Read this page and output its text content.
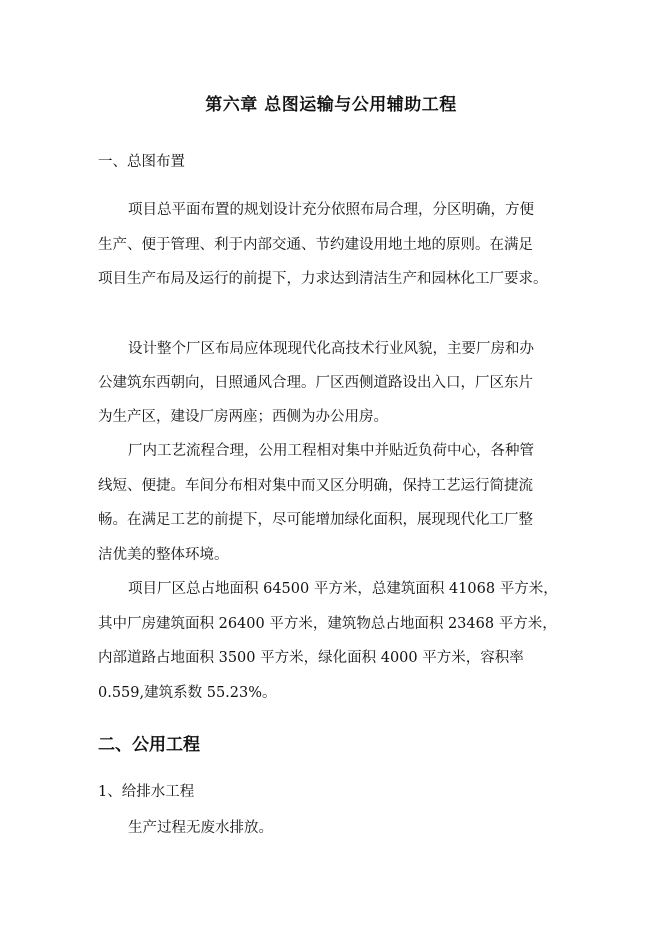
第六章 总图运输与公用辅助工程
一、总图布置
项目总平面布置的规划设计充分依照布局合理，分区明确，方便
生产、便于管理、利于内部交通、节约建设用地土地的原则。在满足
项目生产布局及运行的前提下，力求达到清洁生产和园林化工厂要求。
设计整个厂区布局应体现现代化高技术行业风貌，主要厂房和办
公建筑东西朝向，日照通风合理。厂区西侧道路设出入口，厂区东片
为生产区，建设厂房两座；西侧为办公用房。
厂内工艺流程合理，公用工程相对集中并贴近负荷中心，各种管
线短、便捷。车间分布相对集中而又区分明确，保持工艺运行简捷流
畅。在满足工艺的前提下，尽可能增加绿化面积，展现现代化工厂整
洁优美的整体环境。
项目厂区总占地面积 64500 平方米，总建筑面积 41068 平方米，
其中厂房建筑面积 26400 平方米，建筑物总占地面积 23468 平方米，
内部道路占地面积 3500 平方米，绿化面积 4000 平方米，容积率
0.559,建筑系数 55.23%。
二、公用工程
1、给排水工程
生产过程无废水排放。
